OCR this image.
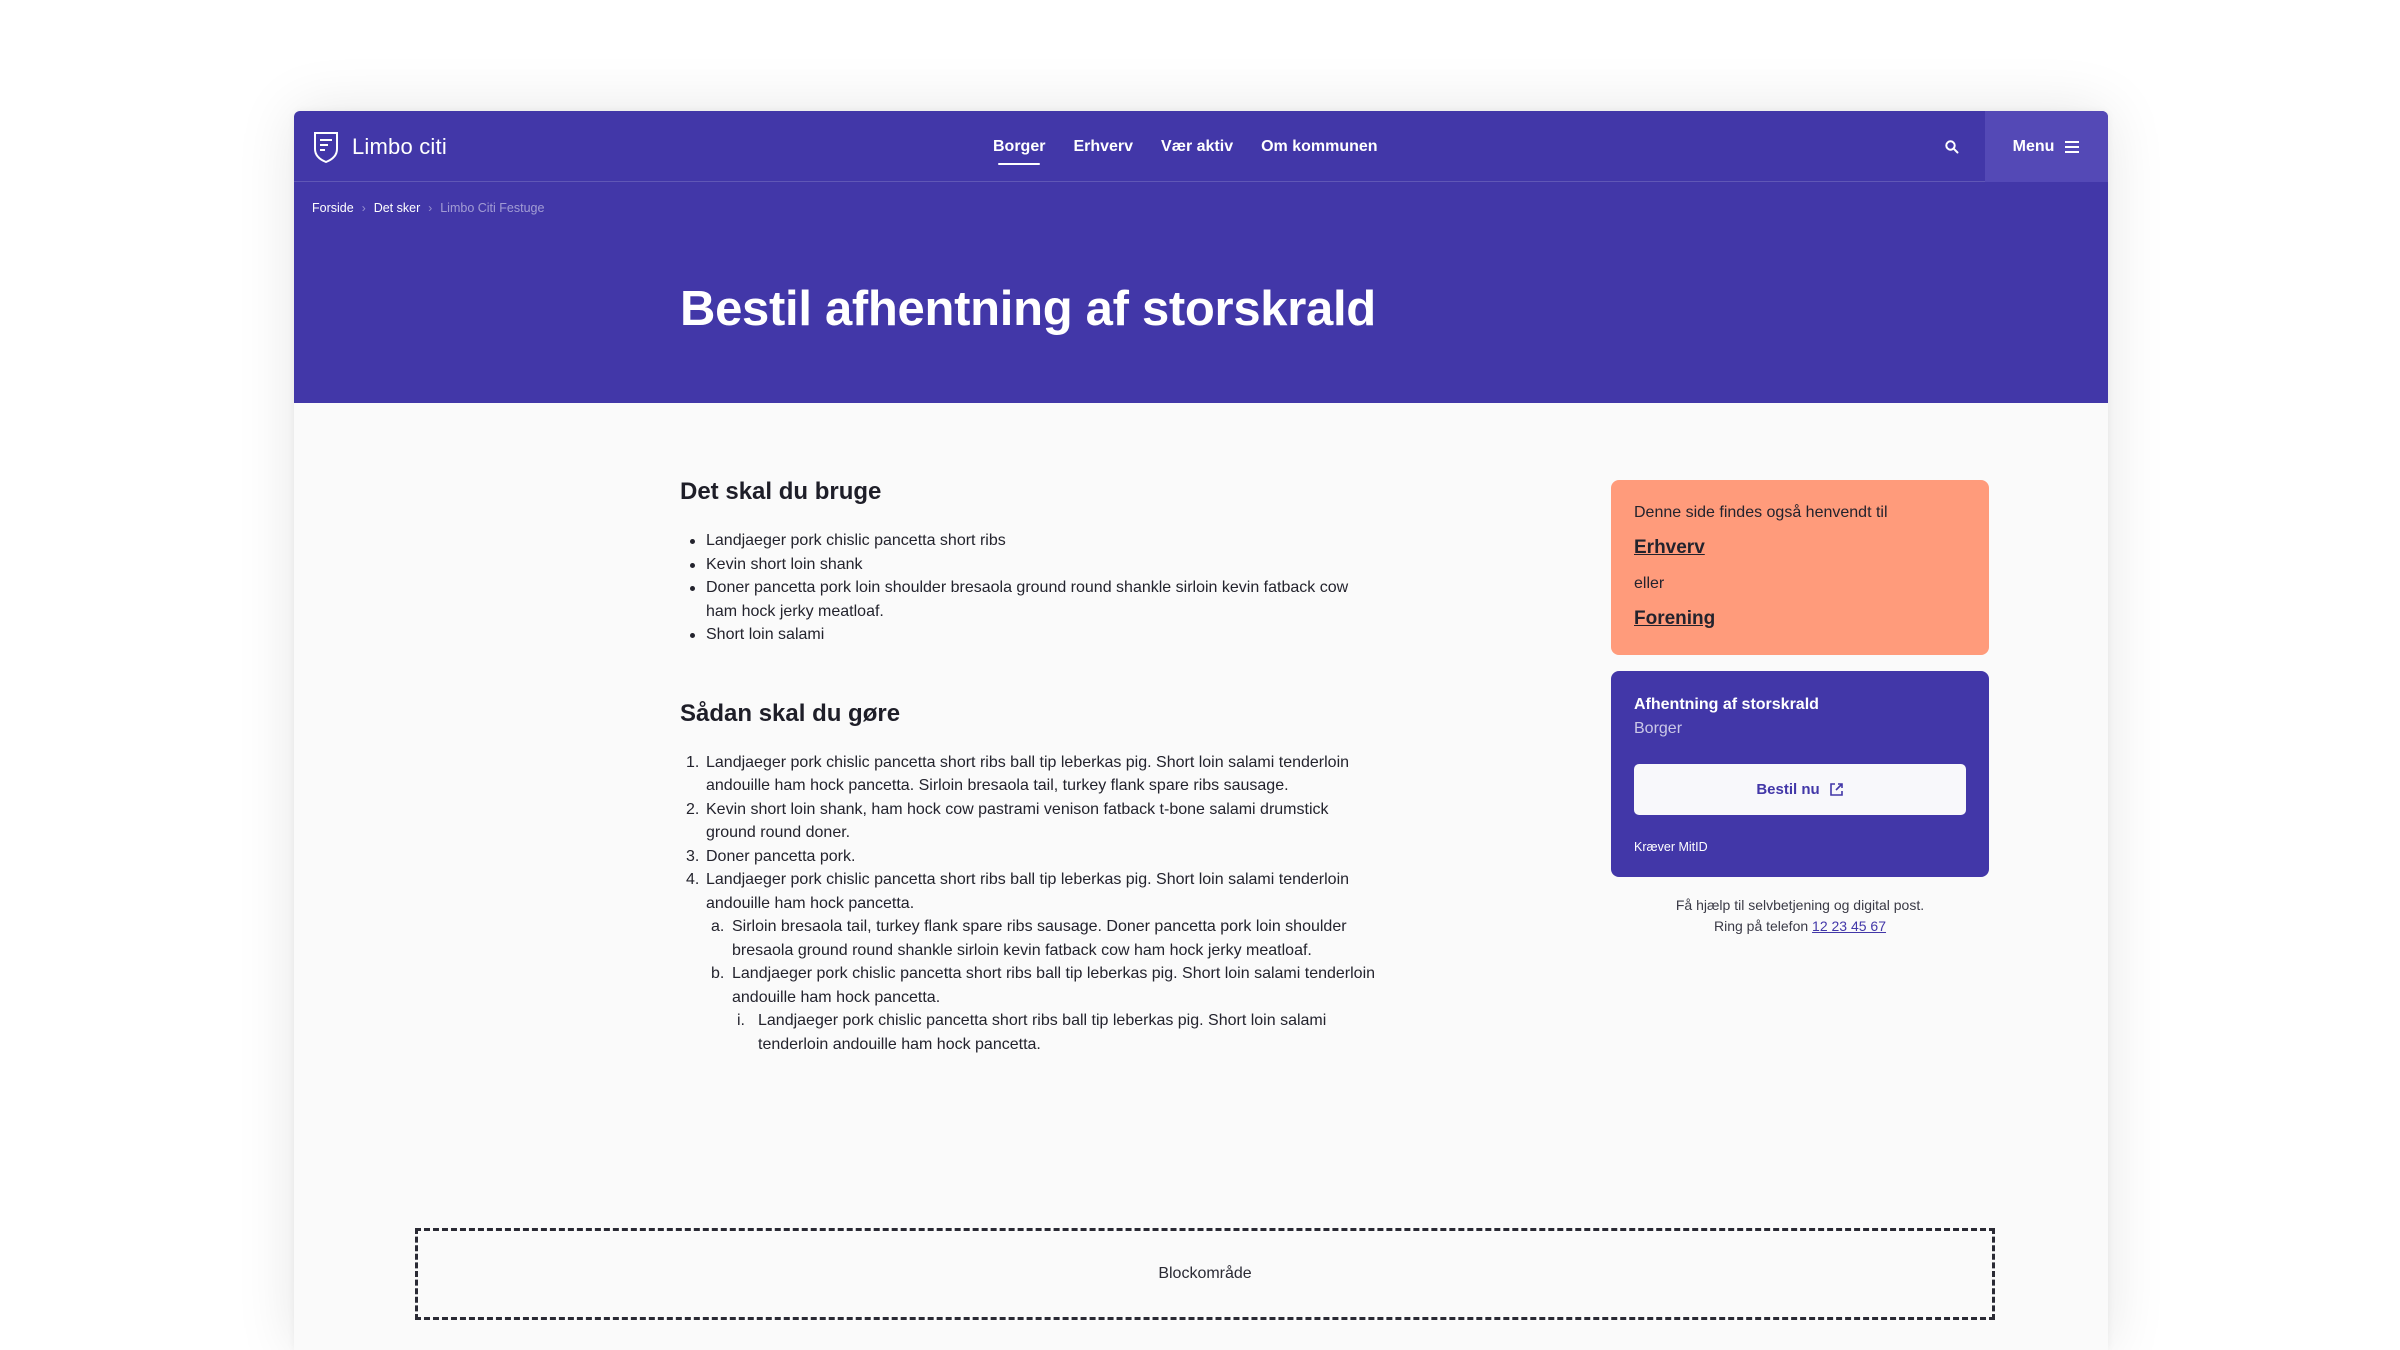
Limbo citi	Borger Erhverv Vær aktiv Om kommunen	Menu
Forside › Det sker › Limbo Citi Festuge
Bestil afhentning af storskrald
Det skal du bruge
Landjaeger pork chislic pancetta short ribs
Kevin short loin shank
Doner pancetta pork loin shoulder bresaola ground round shankle sirloin kevin fatback cow ham hock jerky meatloaf.
Short loin salami
Sådan skal du gøre
1. Landjaeger pork chislic pancetta short ribs ball tip leberkas pig. Short loin salami tenderloin andouille ham hock pancetta. Sirloin bresaola tail, turkey flank spare ribs sausage.
2. Kevin short loin shank, ham hock cow pastrami venison fatback t-bone salami drumstick ground round doner.
3. Doner pancetta pork.
4. Landjaeger pork chislic pancetta short ribs ball tip leberkas pig. Short loin salami tenderloin andouille ham hock pancetta.
a. Sirloin bresaola tail, turkey flank spare ribs sausage. Doner pancetta pork loin shoulder bresaola ground round shankle sirloin kevin fatback cow ham hock jerky meatloaf.
b. Landjaeger pork chislic pancetta short ribs ball tip leberkas pig. Short loin salami tenderloin andouille ham hock pancetta.
i. Landjaeger pork chislic pancetta short ribs ball tip leberkas pig. Short loin salami tenderloin andouille ham hock pancetta.
Denne side findes også henvendt til
Erhverv
eller
Forening
Afhentning af storskrald
Borger
Bestil nu
Kræver MitID
Få hjælp til selvbetjening og digital post.
Ring på telefon 12 23 45 67
Blockområde
